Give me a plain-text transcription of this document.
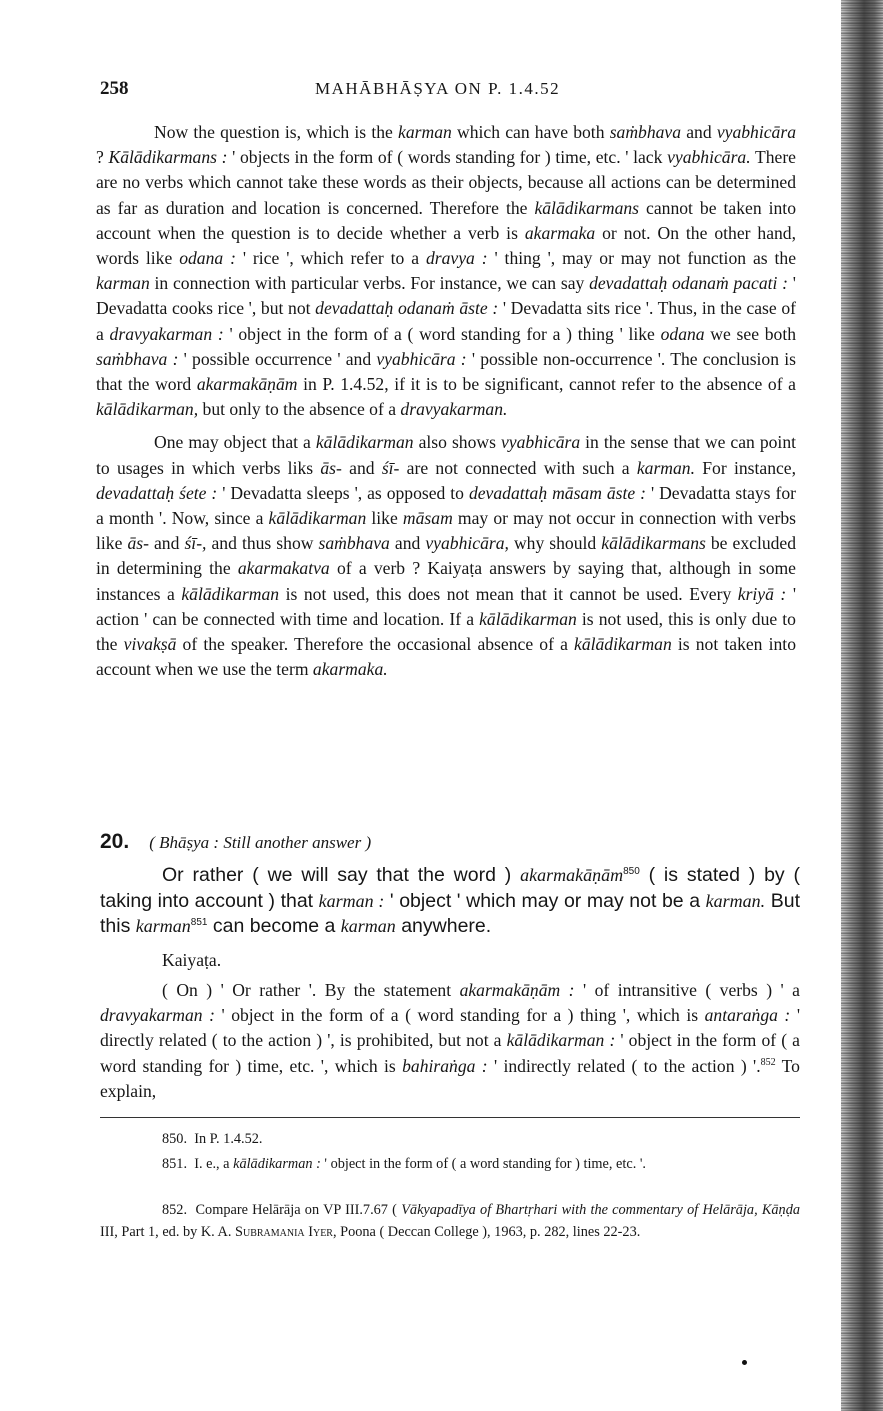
258	MAHĀBHĀṢYA ON P. 1.4.52

Now the question is, which is the karman which can have both saṁbhava and vyabhicāra ? Kālādikarmans : ' objects in the form of ( words standing for ) time, etc. ' lack vyabhicāra. There are no verbs which cannot take these words as their objects, because all actions can be determined as far as duration and location is concerned. Therefore the kālādikarmans cannot be taken into account when the question is to decide whether a verb is akarmaka or not. On the other hand, words like odana : ' rice ', which refer to a dravya : ' thing ', may or may not function as the karman in connection with particular verbs. For instance, we can say devadattaḥ odanaṁ pacati : ' Devadatta cooks rice ', but not devadattaḥ odanaṁ āste : ' Devadatta sits rice '. Thus, in the case of a dravyakarman : ' object in the form of a ( word standing for a ) thing ' like odana we see both saṁbhava : ' possible occurrence ' and vyabhicāra : ' possible non-occurrence '. The conclusion is that the word akarmakāṇām in P. 1.4.52, if it is to be significant, cannot refer to the absence of a kālādikarman, but only to the absence of a dravyakarman.

One may object that a kālādikarman also shows vyabhicāra in the sense that we can point to usages in which verbs liks ās- and śī- are not connected with such a karman. For instance, devadattaḥ śete : ' Devadatta sleeps ', as opposed to devadattaḥ māsam āste : ' Devadatta stays for a month '. Now, since a kālādikarman like māsam may or may not occur in connection with verbs like ās- and śī-, and thus show saṁbhava and vyabhicāra, why should kālādikarmans be excluded in determining the akarmakatva of a verb ? Kaiyaṭa answers by saying that, although in some instances a kālādikarman is not used, this does not mean that it cannot be used. Every kriyā : ' action ' can be connected with time and location. If a kālādikarman is not used, this is only due to the vivakṣā of the speaker. Therefore the occasional absence of a kālādikarman is not taken into account when we use the term akarmaka.

20. ( Bhāṣya : Still another answer )

Or rather ( we will say that the word ) akarmakāṇām$^{850}$ ( is stated ) by ( taking into account ) that karman : ' object ' which may or may not be a karman. But this karman$^{851}$ can become a karman anywhere.

Kaiyaṭa.

( On ) ' Or rather '. By the statement akarmakāṇām : ' of intransitive ( verbs ) ' a dravyakarman : ' object in the form of a ( word standing for a ) thing ', which is antaraṅga : ' directly related ( to the action ) ', is prohibited, but not a kālādikarman : ' object in the form of ( a word standing for ) time, etc. ', which is bahiraṅga : ' indirectly related ( to the action ) '.$^{852}$ To explain,

850. In P. 1.4.52.

851. I. e., a kālādikarman : ' object in the form of ( a word standing for ) time, etc. '.

852. Compare Helārāja on VP III.7.67 ( Vākyapadīya of Bhartṛhari with the commentary of Helārāja, Kāṇḍa III, Part 1, ed. by K. A. Subramania Iyer, Poona ( Deccan College ), 1963, p. 282, lines 22-23.
